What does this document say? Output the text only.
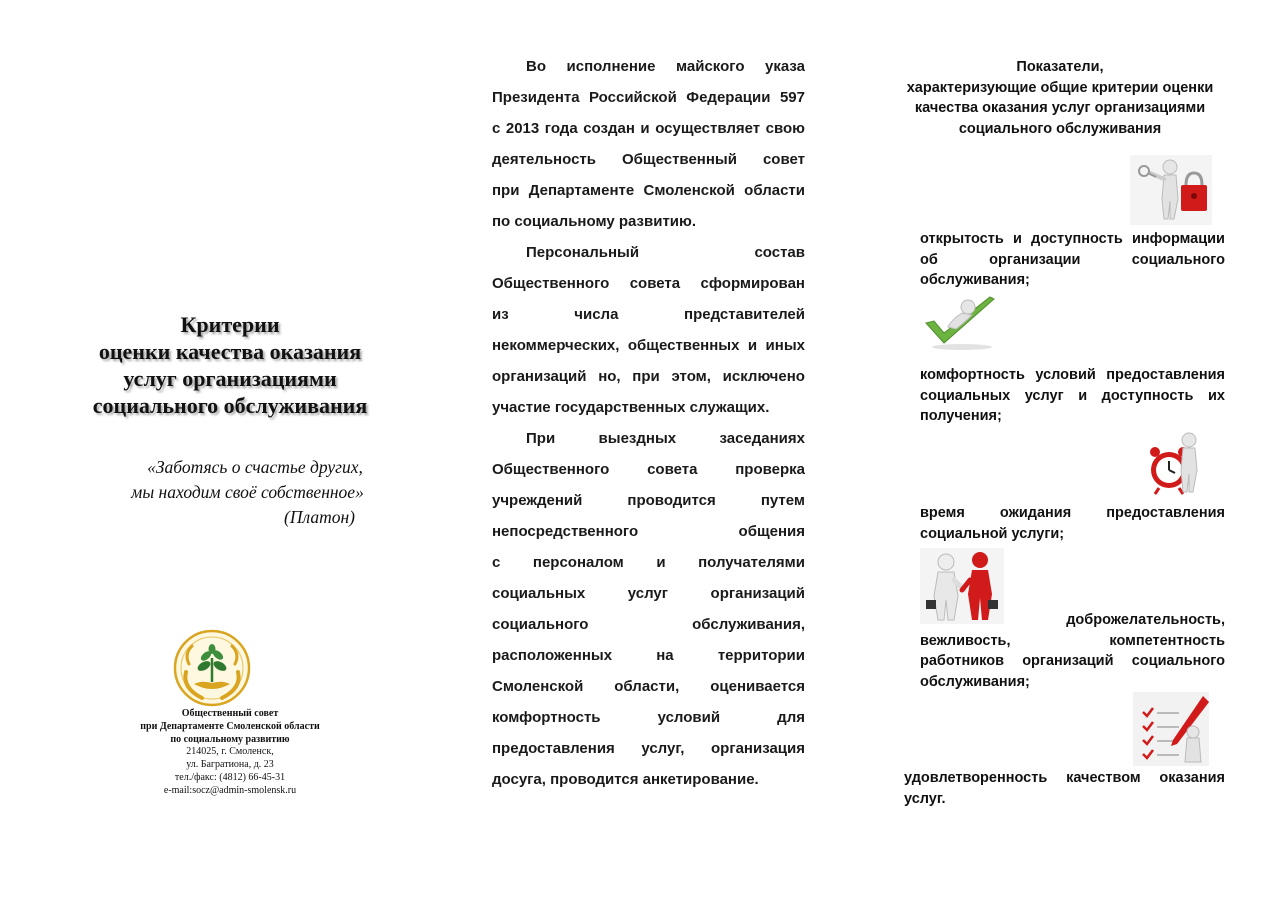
Критерии
оценки качества оказания
услуг организациями
социального обслуживания
«Заботясь о счастье других,
мы находим своё собственное»
(Платон)
Общественный совет
при Департаменте Смоленской области
по социальному развитию
214025, г. Смоленск,
ул. Багратиона, д. 23
тел./факс: (4812) 66-45-31
e-mail:socz@admin-smolensk.ru
Во исполнение майского указа
Президента Российской Федерации 597
с 2013 года создан и осуществляет свою
деятельность Общественный совет
при Департаменте Смоленской области
по социальному развитию.
Персональный	состав
Общественного совета сформирован
из	числа	представителей
некоммерческих, общественных и иных
организаций но, при этом, исключено
участие государственных служащих.
При	выездных	заседаниях
Общественного	совета	проверка
учреждений	проводится	путем
непосредственного	общения
с персоналом и получателями
социальных	услуг	организаций
социального	обслуживания,
расположенных	на	территории
Смоленской области, оценивается
комфортность	условий	для
предоставления услуг, организация
досуга, проводится анкетирование.
Показатели,
характеризующие общие критерии оценки
качества оказания услуг организациями
социального обслуживания
открытость и доступность информации
об	организации	социального
обслуживания;
комфортность условий предоставления
социальных услуг и доступность их
получения;
время ожидания предоставления
социальной услуги;
доброжелательность,
вежливость,	компетентность
работников организаций социального
обслуживания;
удовлетворенность качеством оказания
услуг.
